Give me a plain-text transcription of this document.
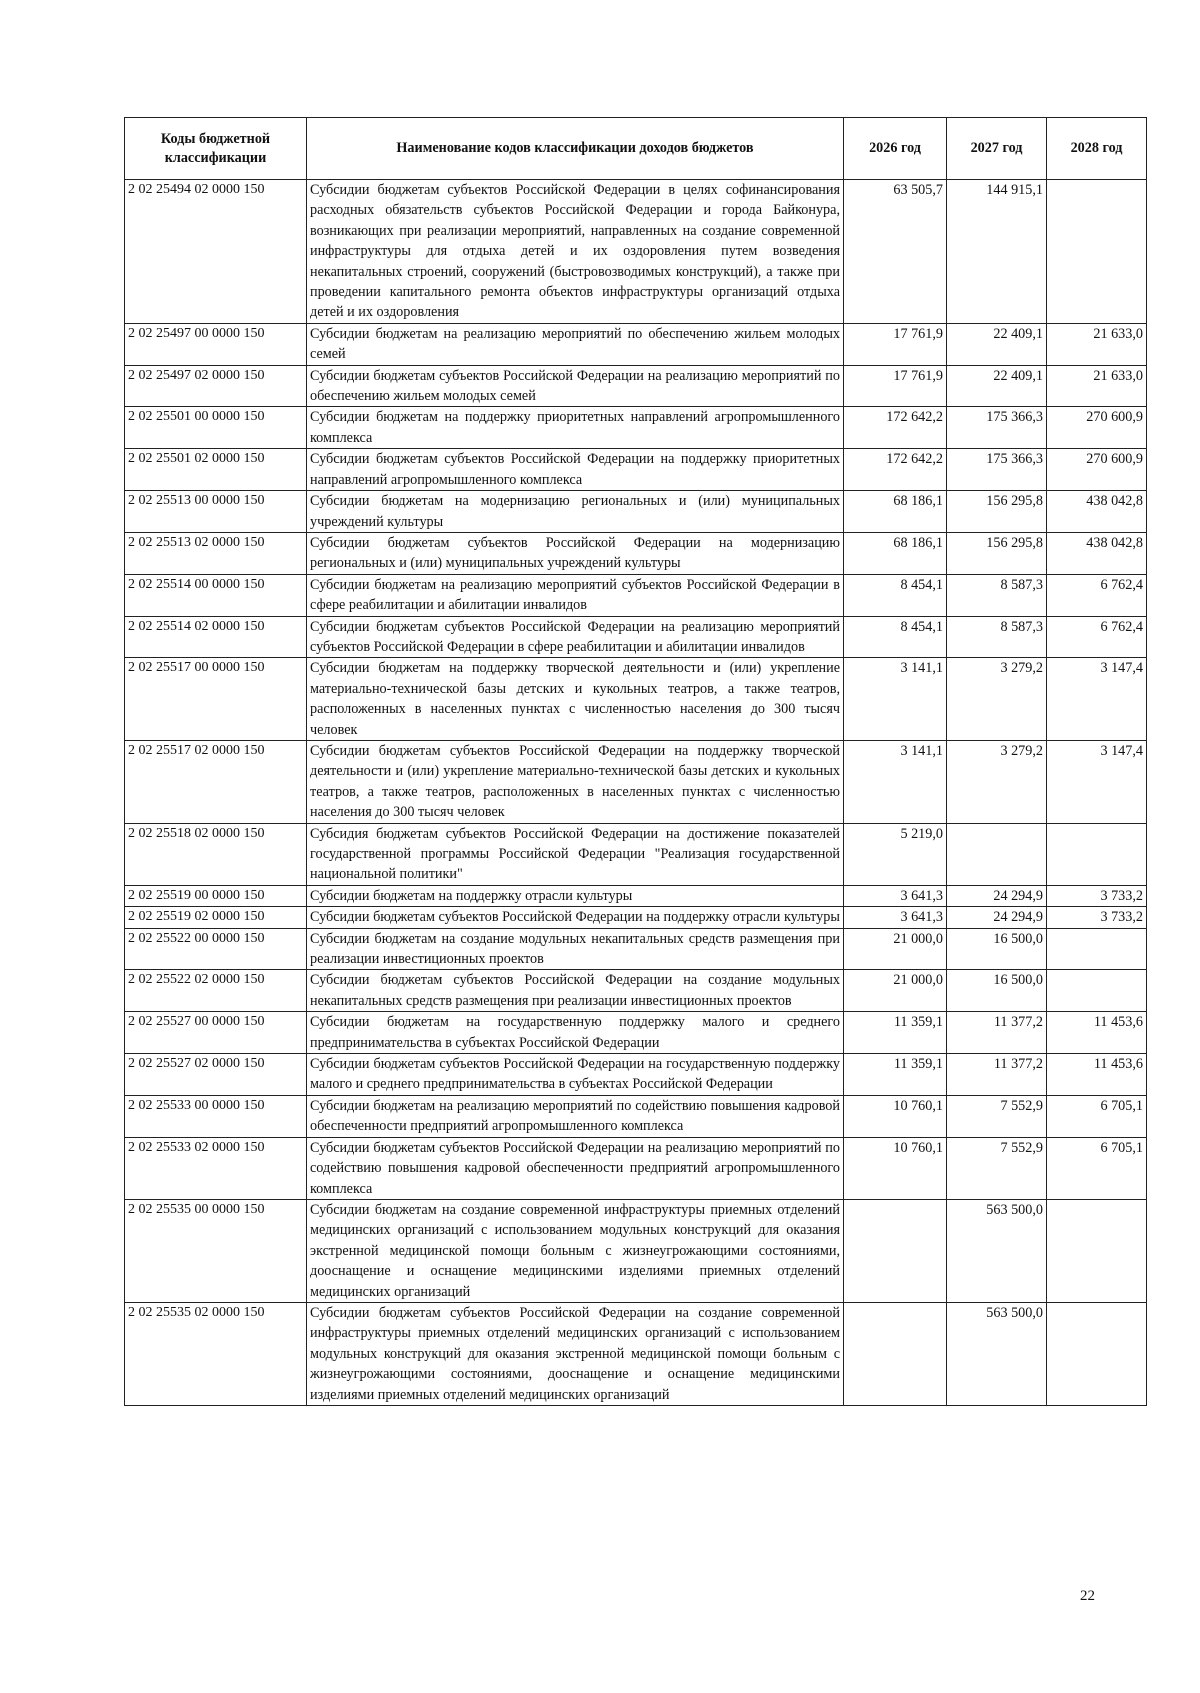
Коды бюджетной классификации	Наименование кодов классификации доходов бюджетов	2026 год	2027 год	2028 год
2 02 25494 02 0000 150	Субсидии бюджетам субъектов Российской Федерации в целях софинансирования расходных обязательств субъектов Российской Федерации и города Байконура, возникающих при реализации мероприятий, направленных на создание современной инфраструктуры для отдыха детей и их оздоровления путем возведения некапитальных строений, сооружений (быстровозводимых конструкций), а также при проведении капитального ремонта объектов инфраструктуры организаций отдыха детей и их оздоровления	63 505,7	144 915,1	
2 02 25497 00 0000 150	Субсидии бюджетам на реализацию мероприятий по обеспечению жильем молодых семей	17 761,9	22 409,1	21 633,0
2 02 25497 02 0000 150	Субсидии бюджетам субъектов Российской Федерации на реализацию мероприятий по обеспечению жильем молодых семей	17 761,9	22 409,1	21 633,0
2 02 25501 00 0000 150	Субсидии бюджетам на поддержку приоритетных направлений агропромышленного комплекса	172 642,2	175 366,3	270 600,9
2 02 25501 02 0000 150	Субсидии бюджетам субъектов Российской Федерации на поддержку приоритетных направлений агропромышленного комплекса	172 642,2	175 366,3	270 600,9
2 02 25513 00 0000 150	Субсидии бюджетам на модернизацию региональных и (или) муниципальных учреждений культуры	68 186,1	156 295,8	438 042,8
2 02 25513 02 0000 150	Субсидии бюджетам субъектов Российской Федерации на модернизацию региональных и (или) муниципальных учреждений культуры	68 186,1	156 295,8	438 042,8
2 02 25514 00 0000 150	Субсидии бюджетам на реализацию мероприятий субъектов Российской Федерации в сфере реабилитации и абилитации инвалидов	8 454,1	8 587,3	6 762,4
2 02 25514 02 0000 150	Субсидии бюджетам субъектов Российской Федерации на реализацию мероприятий субъектов Российской Федерации в сфере реабилитации и абилитации инвалидов	8 454,1	8 587,3	6 762,4
2 02 25517 00 0000 150	Субсидии бюджетам на поддержку творческой деятельности и (или) укрепление материально-технической базы детских и кукольных театров, а также театров, расположенных в населенных пунктах с численностью населения до 300 тысяч человек	3 141,1	3 279,2	3 147,4
2 02 25517 02 0000 150	Субсидии бюджетам субъектов Российской Федерации на поддержку творческой деятельности и (или) укрепление материально-технической базы детских и кукольных театров, а также театров, расположенных в населенных пунктах с численностью населения до 300 тысяч человек	3 141,1	3 279,2	3 147,4
2 02 25518 02 0000 150	Субсидия бюджетам субъектов Российской Федерации на достижение показателей государственной программы Российской Федерации "Реализация государственной национальной политики"	5 219,0		
2 02 25519 00 0000 150	Субсидии бюджетам на поддержку отрасли культуры	3 641,3	24 294,9	3 733,2
2 02 25519 02 0000 150	Субсидии бюджетам субъектов Российской Федерации на поддержку отрасли культуры	3 641,3	24 294,9	3 733,2
2 02 25522 00 0000 150	Субсидии бюджетам на создание модульных некапитальных средств размещения при реализации инвестиционных проектов	21 000,0	16 500,0	
2 02 25522 02 0000 150	Субсидии бюджетам субъектов Российской Федерации на создание модульных некапитальных средств размещения при реализации инвестиционных проектов	21 000,0	16 500,0	
2 02 25527 00 0000 150	Субсидии бюджетам на государственную поддержку малого и среднего предпринимательства в субъектах Российской Федерации	11 359,1	11 377,2	11 453,6
2 02 25527 02 0000 150	Субсидии бюджетам субъектов Российской Федерации на государственную поддержку малого и среднего предпринимательства в субъектах Российской Федерации	11 359,1	11 377,2	11 453,6
2 02 25533 00 0000 150	Субсидии бюджетам на реализацию мероприятий по содействию повышения кадровой обеспеченности предприятий агропромышленного комплекса	10 760,1	7 552,9	6 705,1
2 02 25533 02 0000 150	Субсидии бюджетам субъектов Российской Федерации на реализацию мероприятий по содействию повышения кадровой обеспеченности предприятий агропромышленного комплекса	10 760,1	7 552,9	6 705,1
2 02 25535 00 0000 150	Субсидии бюджетам на создание современной инфраструктуры приемных отделений медицинских организаций с использованием модульных конструкций для оказания экстренной медицинской помощи больным с жизнеугрожающими состояниями, дооснащение и оснащение медицинскими изделиями приемных отделений медицинских организаций		563 500,0	
2 02 25535 02 0000 150	Субсидии бюджетам субъектов Российской Федерации на создание современной инфраструктуры приемных отделений медицинских организаций с использованием модульных конструкций для оказания экстренной медицинской помощи больным с жизнеугрожающими состояниями, дооснащение и оснащение медицинскими изделиями приемных отделений медицинских организаций		563 500,0	
22
